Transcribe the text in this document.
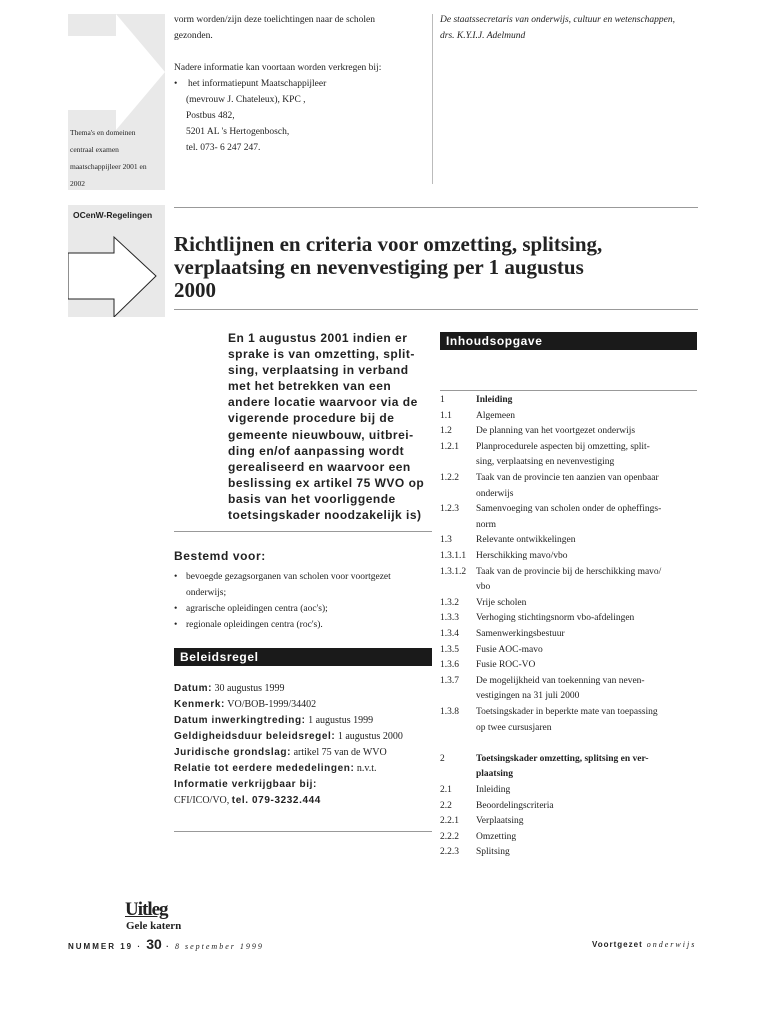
Thema's en domeinen
centraal examen
maatschappijleer 2001 en
2002
OCenW-Regelingen
vorm worden/zijn deze toelichtingen naar de scholen
gezonden.
Nadere informatie kan voortaan worden verkregen bij:
• het informatiepunt Maatschappijleer
(mevrouw J. Chateleux), KPC ,
Postbus 482,
5201 AL 's Hertogenbosch,
tel. 073- 6 247 247.
De staatssecretaris van onderwijs, cultuur en wetenschappen,
drs. K.Y.I.J. Adelmund
Richtlijnen en criteria voor omzetting, splitsing,
verplaatsing en nevenvestiging per 1 augustus
2000
En 1 augustus 2001 indien er
sprake is van omzetting, split-
sing, verplaatsing in verband
met het betrekken van een
andere locatie waarvoor via de
vigerende procedure bij de
gemeente nieuwbouw, uitbrei-
ding en/of aanpassing wordt
gerealiseerd en waarvoor een
beslissing ex artikel 75 WVO op
basis van het voorliggende
toetsingskader noodzakelijk is)
Bestemd voor:
• bevoegde gezagsorganen van scholen voor voortgezet
onderwijs;
• agrarische opleidingen centra (aoc's);
• regionale opleidingen centra (roc's).
Beleidsregel
Datum: 30 augustus 1999
Kenmerk: VO/BOB-1999/34402
Datum inwerkingtreding: 1 augustus 1999
Geldigheidsduur beleidsregel: 1 augustus 2000
Juridische grondslag: artikel 75 van de WVO
Relatie tot eerdere mededelingen: n.v.t.
Informatie verkrijgbaar bij:
CFI/ICO/VO, tel. 079-3232.444
Inhoudsopgave
1	Inleiding
1.1	Algemeen
1.2	De planning van het voortgezet onderwijs
1.2.1	Planprocedurele aspecten bij omzetting, split-
sing, verplaatsing en nevenvestiging
1.2.2	Taak van de provincie ten aanzien van openbaar
onderwijs
1.2.3	Samenvoeging van scholen onder de opheffings-
norm
1.3	Relevante ontwikkelingen
1.3.1.1	Herschikking mavo/vbo
1.3.1.2	Taak van de provincie bij de herschikking mavo/
vbo
1.3.2	Vrije scholen
1.3.3	Verhoging stichtingsnorm vbo-afdelingen
1.3.4	Samenwerkingsbestuur
1.3.5	Fusie AOC-mavo
1.3.6	Fusie ROC-VO
1.3.7	De mogelijkheid van toekenning van neven-
vestigingen na 31 juli 2000
1.3.8	Toetsingskader in beperkte mate van toepassing
op twee cursusjaren
2	Toetsingskader omzetting, splitsing en ver-
plaatsing
2.1	Inleiding
2.2	Beoordelingscriteria
2.2.1	Verplaatsing
2.2.2	Omzetting
2.2.3	Splitsing
Uitleg
Gele katern
NUMMER 19 · 30 · 8 september 1999	Voortgezet onderwijs
